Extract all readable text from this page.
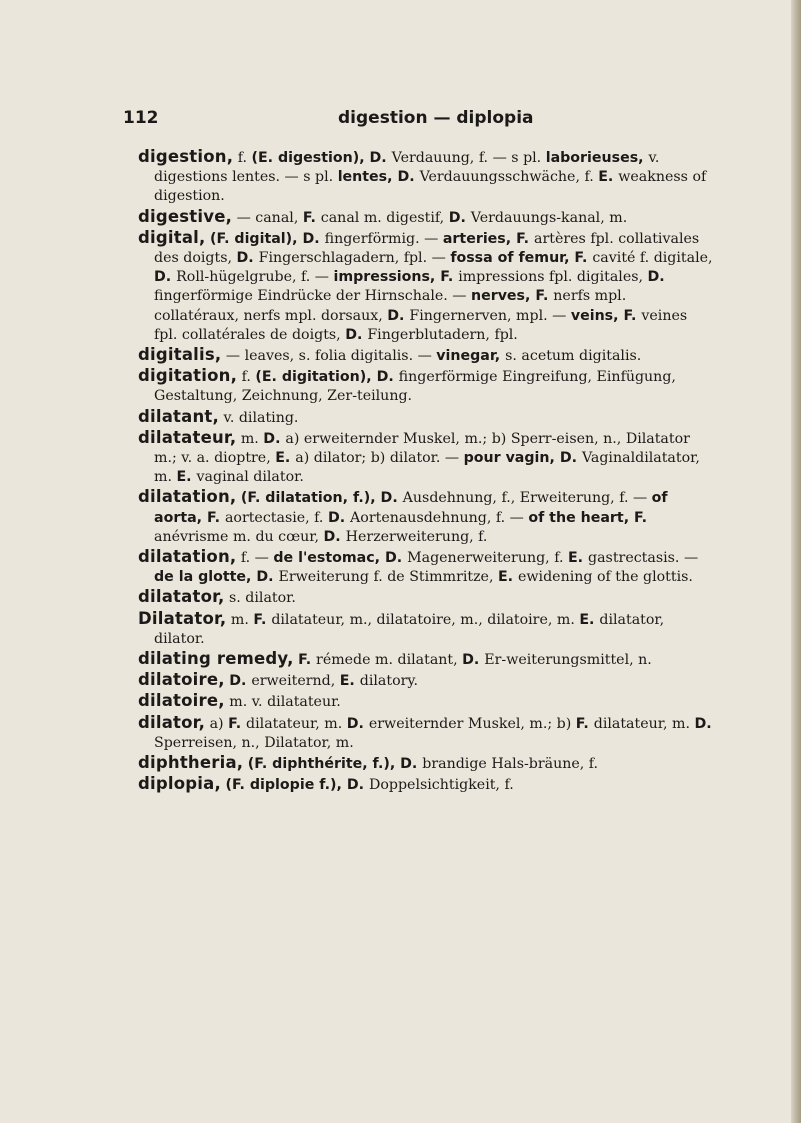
112	digestion — diplopia

digestion, f. (E. digestion), D. Verdauung, f. — s pl. laborieuses, v. digestions lentes. — s pl. lentes, D. Verdauungsschwäche, f. E. weakness of digestion.

digestive, — canal, F. canal m. digestif, D. Verdauungs-kanal, m.

digital, (F. digital), D. fingerförmig. — arteries, F. artères fpl. collativales des doigts, D. Fingerschlagadern, fpl. — fossa of femur, F. cavité f. digitale, D. Roll-hügelgrube, f. — impressions, F. impressions fpl. digitales, D. fingerförmige Eindrücke der Hirnschale. — nerves, F. nerfs mpl. collatéraux, nerfs mpl. dorsaux, D. Fingernerven, mpl. — veins, F. veines fpl. collatérales de doigts, D. Fingerblutadern, fpl.

digitalis, — leaves, s. folia digitalis. — vinegar, s. acetum digitalis.

digitation, f. (E. digitation), D. fingerförmige Eingreifung, Einfügung, Gestaltung, Zeichnung, Zer-teilung.

dilatant, v. dilating.

dilatateur, m. D. a) erweiternder Muskel, m.; b) Sperr-eisen, n., Dilatator m.; v. a. dioptre, E. a) dilator; b) dilator. — pour vagin, D. Vaginaldilatator, m. E. vaginal dilator.

dilatation, (F. dilatation, f.), D. Ausdehnung, f., Erweiterung, f. — of aorta, F. aortectasie, f. D. Aortenausdehnung, f. — of the heart, F. anévrisme m. du cœur, D. Herzerweiterung, f.

dilatation, f. — de l'estomac, D. Magenerweiterung, f. E. gastrectasis. — de la glotte, D. Erweiterung f. de Stimmritze, E. ewidening of the glottis.

dilatator, s. dilator.

Dilatator, m. F. dilatateur, m., dilatatoire, m., dilatoire, m. E. dilatator, dilator.

dilating remedy, F. rémede m. dilatant, D. Er-weiterungsmittel, n.

dilatoire, D. erweiternd, E. dilatory.

dilatoire, m. v. dilatateur.

dilator, a) F. dilatateur, m. D. erweiternder Muskel, m.; b) F. dilatateur, m. D. Sperreisen, n., Dilatator, m.

diphtheria, (F. diphthérite, f.), D. brandige Hals-bräune, f.

diplopia, (F. diplopie f.), D. Doppelsichtigkeit, f.
